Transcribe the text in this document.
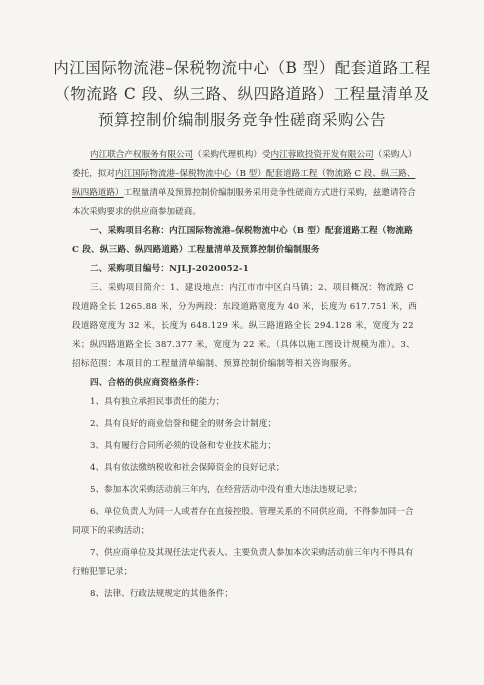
内江国际物流港–保税物流中心（B 型）配套道路工程
（物流路 C 段、纵三路、纵四路道路）工程量清单及
预算控制价编制服务竞争性磋商采购公告

内江联合产权服务有限公司（采购代理机构）受内江蓉欧投资开发有限公司（采购人）委托，拟对内江国际物流港–保税物流中心（B 型）配套道路工程（物流路 C 段、纵三路、纵四路道路）工程量清单及预算控制价编制服务采用竞争性磋商方式进行采购，兹邀请符合本次采购要求的供应商参加磋商。

一、采购项目名称：内江国际物流港–保税物流中心（B 型）配套道路工程（物流路 C 段、纵三路、纵四路道路）工程量清单及预算控制价编制服务

二、采购项目编号：NJLJ-2020052-1

三、采购项目简介：1、建设地点：内江市市中区白马镇；2、项目概况：物流路 C 段道路全长 1265.88 米，分为两段：东段道路宽度为 40 米，长度为 617.751 米，西段道路宽度为 32 米，长度为 648.129 米。纵三路道路全长 294.128 米，宽度为 22 米；纵四路道路全长 387.377 米，宽度为 22 米。（具体以施工图设计规模为准）。3、招标范围：本项目的工程量清单编制、预算控制价编制等相关咨询服务。

四、合格的供应商资格条件：

1、具有独立承担民事责任的能力；

2、具有良好的商业信誉和健全的财务会计制度；

3、具有履行合同所必须的设备和专业技术能力；

4、具有依法缴纳税收和社会保障资金的良好记录；

5、参加本次采购活动前三年内，在经营活动中没有重大违法违规记录；

6、单位负责人为同一人或者存在直接控股、管理关系的不同供应商，不得参加同一合同项下的采购活动；

7、供应商单位及其现任法定代表人、主要负责人参加本次采购活动前三年内不得具有行贿犯罪记录；

8、法律、行政法规规定的其他条件；
